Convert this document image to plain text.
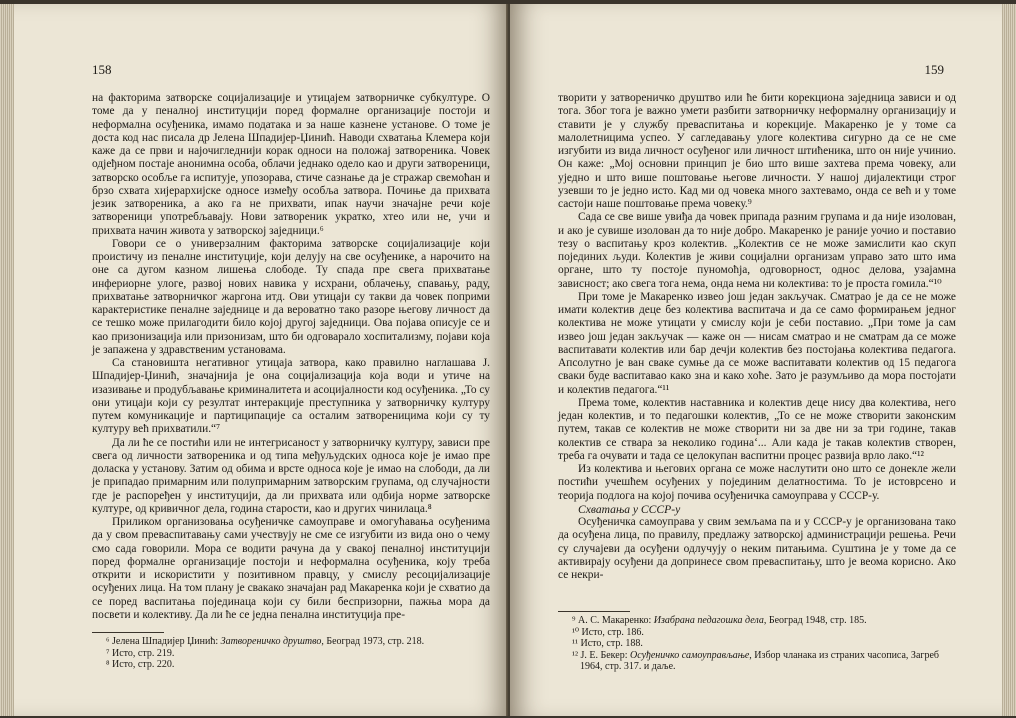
158

на факторима затворске социјализације и утицајем затворничке субкултуре. О томе да у пеналној институцији поред формалне организације постоји и неформална осуђеника, имамо података и за наше казнене установе. О томе је доста код нас писала др Јелена Шпадијер-Џинић. Наводи схватања Клемера који каже да се први и најочигледнији корак односи на положај затвореника. Човек одјеђном постаје анонимна особа, облачи једнако одело као и други затвореници, затворско особље га испитује, упозорава, стиче сазнање да је стражар свемоћан и брзо схвата хијерархијске односе између особља затвора. Почиње да прихвата језик затвореника, а ако га не прихвати, ипак научи значајне речи које затвореници употребљавају. Нови затвореник укратко, хтео или не, учи и прихвата начин живота у затворској заједници.⁶

Говори се о универзалним факторима затворске социјализације који проистичу из пеналне институције, који делују на све осуђенике, а нарочито на оне са дугом казном лишења слободе. Ту спада пре свега прихватање инфериорне улоге, развој нових навика у исхрани, облачењу, спавању, раду, прихватање затворничког жаргона итд. Ови утицаји су такви да човек поприми карактеристике пеналне заједнице и да вероватно тако разоре његову личност да се тешко може прилагодити било којој другој заједници. Ова појава описује се и као призонизација или призонизам, што би одговарало хоспитализму, појави која је запажена у здравственим установама.

Са становишта негативног утицаја затвора, како правилно наглашава Ј. Шпадијер-Џинић, значајнија је она социјализација која води и утиче на изазивање и продубљавање криминалитета и асоцијалности код осуђеника. „То су они утицаји који су резултат интеракције преступника у затворничку културу путем комуникације и партиципације са осталим затвореницима који су ту културу већ прихватили.“⁷

Да ли ће се постићи или не интегрисаност у затворничку културу, зависи пре свега од личности затвореника и од типа међуљудских односа које је имао пре доласка у установу. Затим од обима и врсте односа које је имао на слободи, да ли је припадао примарним или полупримарним затворским групама, од случајности где је распоређен у институцији, да ли прихвата или одбија норме затворске културе, од кривичног дела, година старости, као и других чинилаца.⁸

Приликом организовања осуђеничке самоуправе и омогућавања осуђенима да у свом преваспитавању сами учествују не сме се изгубити из вида оно о чему смо сада говорили. Мора се водити рачуна да у свакој пеналној институцији поред формалне организације постоји и неформална осуђеника, коју треба открити и искористити у позитивном правцу, у смислу ресоцијализације осуђених лица. На том плану је свакако значајан рад Макаренка који је схватио да се поред васпитања појединаца који су били беспризорни, пажња мора да посвети и колективу. Да ли ће се једна пенална институција пре-

⁶ Јелена Шпадијер Џинић: Затвореничко друштво, Београд 1973, стр. 218.
⁷ Исто, стр. 219.
⁸ Исто, стр. 220.
159

творити у затвореничко друштво или ће бити корекциона заједница зависи и од тога. Због тога је важно умети разбити затворничку неформалну организацију и ставити је у службу преваспитања и корекције. Макаренко је у томе са малолетницима успео. У сагледавању улоге колектива сигурно да се не сме изгубити из вида личност осуђеног или личност штићеника, што он није учинио. Он каже: „Мој основни принцип је био што више захтева према човеку, али уједно и што више поштовање његове личности. У нашој дијалектици строг узевши то је једно исто. Кад ми од човека много захтевамо, онда се већ и у томе састоји наше поштовање према човеку.⁹

Сада се све више увиђа да човек припада разним групама и да није изолован, и ако је сувише изолован да то није добро. Макаренко је раније уочио и поставио тезу о васпитању кроз колектив. „Колектив се не може замислити као скуп појединих људи. Колектив је живи социјални организам управо зато што има органе, што ту постоје пуномоћја, одговорност, однос делова, узајамна зависност; ако свега тога нема, онда нема ни колектива: то је проста гомила.“¹⁰

При томе је Макаренко извео још један закључак. Сматрао је да се не може имати колектив деце без колектива васпитача и да се само формирањем једног колектива не може утицати у смислу који је себи поставио. „При томе ја сам извео још један закључак — каже он — нисам сматрао и не сматрам да се може васпитавати колектив или бар дечји колектив без постојања колектива педагога. Апсолутно је ван сваке сумње да се може васпитавати колектив од 15 педагога сваки буде васпитавао како зна и како хоће. Зато је разумљиво да мора постојати и колектив педагога.“¹¹

Према томе, колектив наставника и колектив деце нису два колектива, него један колектив, и то педагошки колектив, „То се не може створити законским путем, такав се колектив не може створити ни за две ни за три године, такав колектив се ствара за неколико година‘... Али када је такав колектив створен, треба га очувати и тада се целокупан васпитни процес развија врло лако.“¹²

Из колектива и његових органа се може наслутити оно што се донекле жели постићи учешћем осуђених у појединим делатностима. То је истоврсено и теорија подлога на којој почива осуђеничка самоуправа у СССР-у.

Схватања у СССР-у

Осуђеничка самоуправа у свим земљама па и у СССР-у је организована тако да осуђена лица, по правилу, предлажу затворској администрацији решења. Речи су случајеви да осуђени одлучују о неким питањима. Суштина је у томе да се активирају осуђени да допринесе свом преваспитању, што је веома корисно. Ако се некри-

⁹ А. С. Макаренко: Изабрана педагошка дела, Београд 1948, стр. 185.
¹⁰ Исто, стр. 186.
¹¹ Исто, стр. 188.
¹² Ј. Е. Бекер: Осуђеничко самоуправљање, Избор чланака из страних часописа, Загреб 1964, стр. 317. и даље.
